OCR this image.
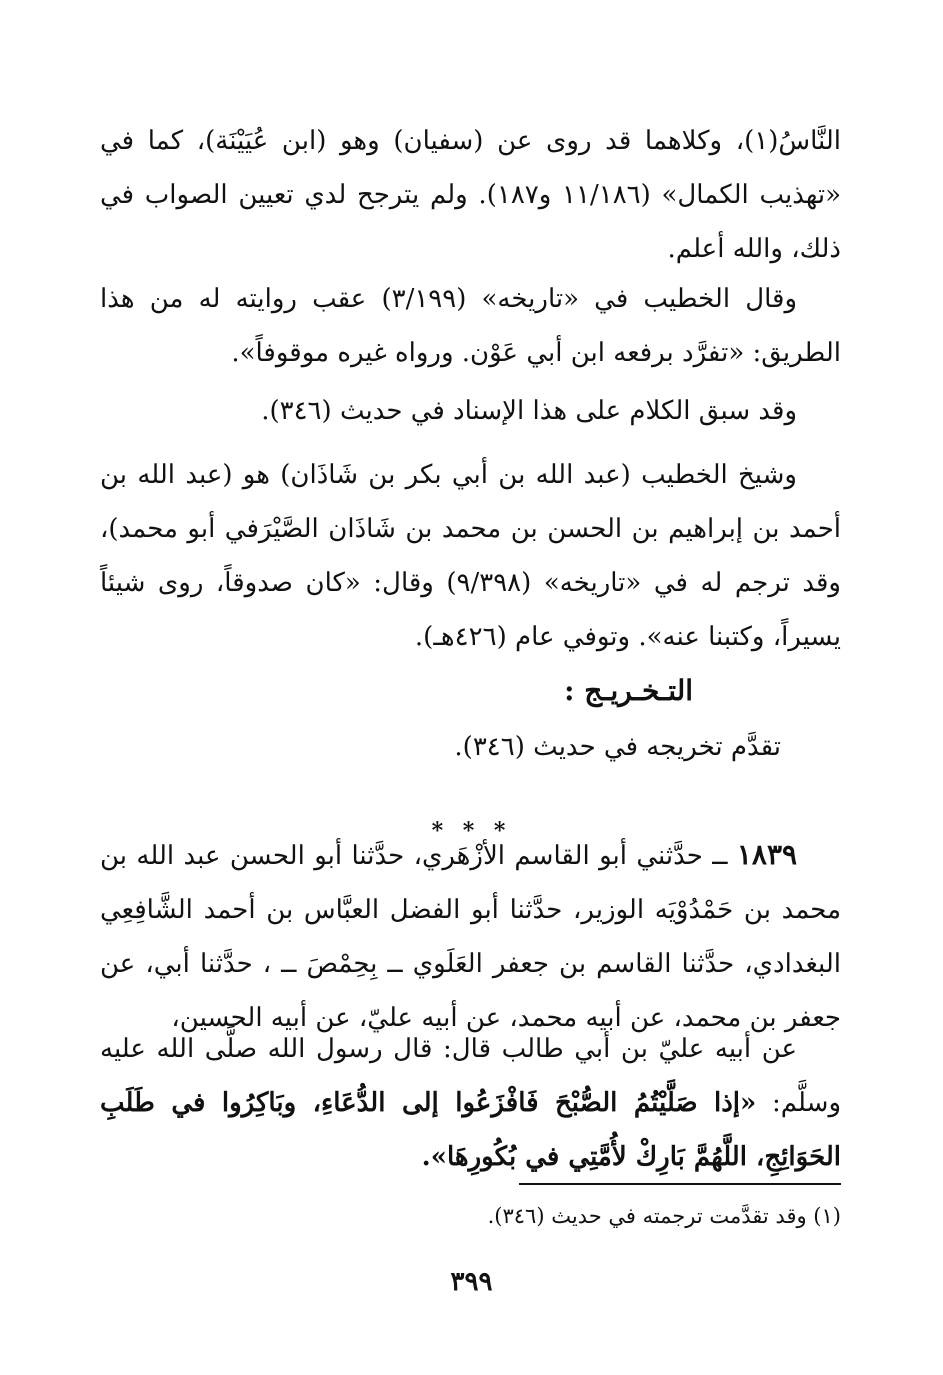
النَّاسُ(١)، وكلاهما قد روى عن (سفيان) وهو (ابن عُيَيْنَة)، كما في «تهذيب الكمال» (١١/١٨٦ و١٨٧). ولم يترجح لدي تعيين الصواب في ذلك، والله أعلم.

وقال الخطيب في «تاريخه» (٣/١٩٩) عقب روايته له من هذا الطريق: «تفرَّد برفعه ابن أبي عَوْن. ورواه غيره موقوفاً».

وقد سبق الكلام على هذا الإسناد في حديث (٣٤٦).

وشيخ الخطيب (عبد الله بن أبي بكر بن شَاذَان) هو (عبد الله بن أحمد بن إبراهيم بن الحسن بن محمد بن شَاذَان الصَّيْرَفي أبو محمد)، وقد ترجم له في «تاريخه» (٩/٣٩٨) وقال: «كان صدوقاً، روى شيئاً يسيراً، وكتبنا عنه». وتوفي عام (٤٢٦هـ).

التـخـريـج :
تقدَّم تخريجه في حديث (٣٤٦).
* * *

١٨٣٩ ــ حدَّثني أبو القاسم الأزْهَري، حدَّثنا أبو الحسن عبد الله بن محمد بن حَمْدُوْيَه الوزير، حدَّثنا أبو الفضل العبَّاس بن أحمد الشَّافِعِي البغدادي، حدَّثنا القاسم بن جعفر العَلَوي ــ بِحِمْصَ ــ ، حدَّثنا أبي، عن جعفر بن محمد، عن أبيه محمد، عن أبيه عليّ، عن أبيه الحسين،

عن أبيه عليّ بن أبي طالب قال: قال رسول الله صلَّى الله عليه وسلَّم: «إذا صَلَّيْتُمُ الصُّبْحَ فَافْزَعُوا إلى الدُّعَاءِ، وبَاكِرُوا في طَلَبِ الحَوَائِجِ، اللَّهُمَّ بَارِكْ لأُمَّتِي في بُكُورِهَا».

(١) وقد تقدَّمت ترجمته في حديث (٣٤٦).
٣٩٩
